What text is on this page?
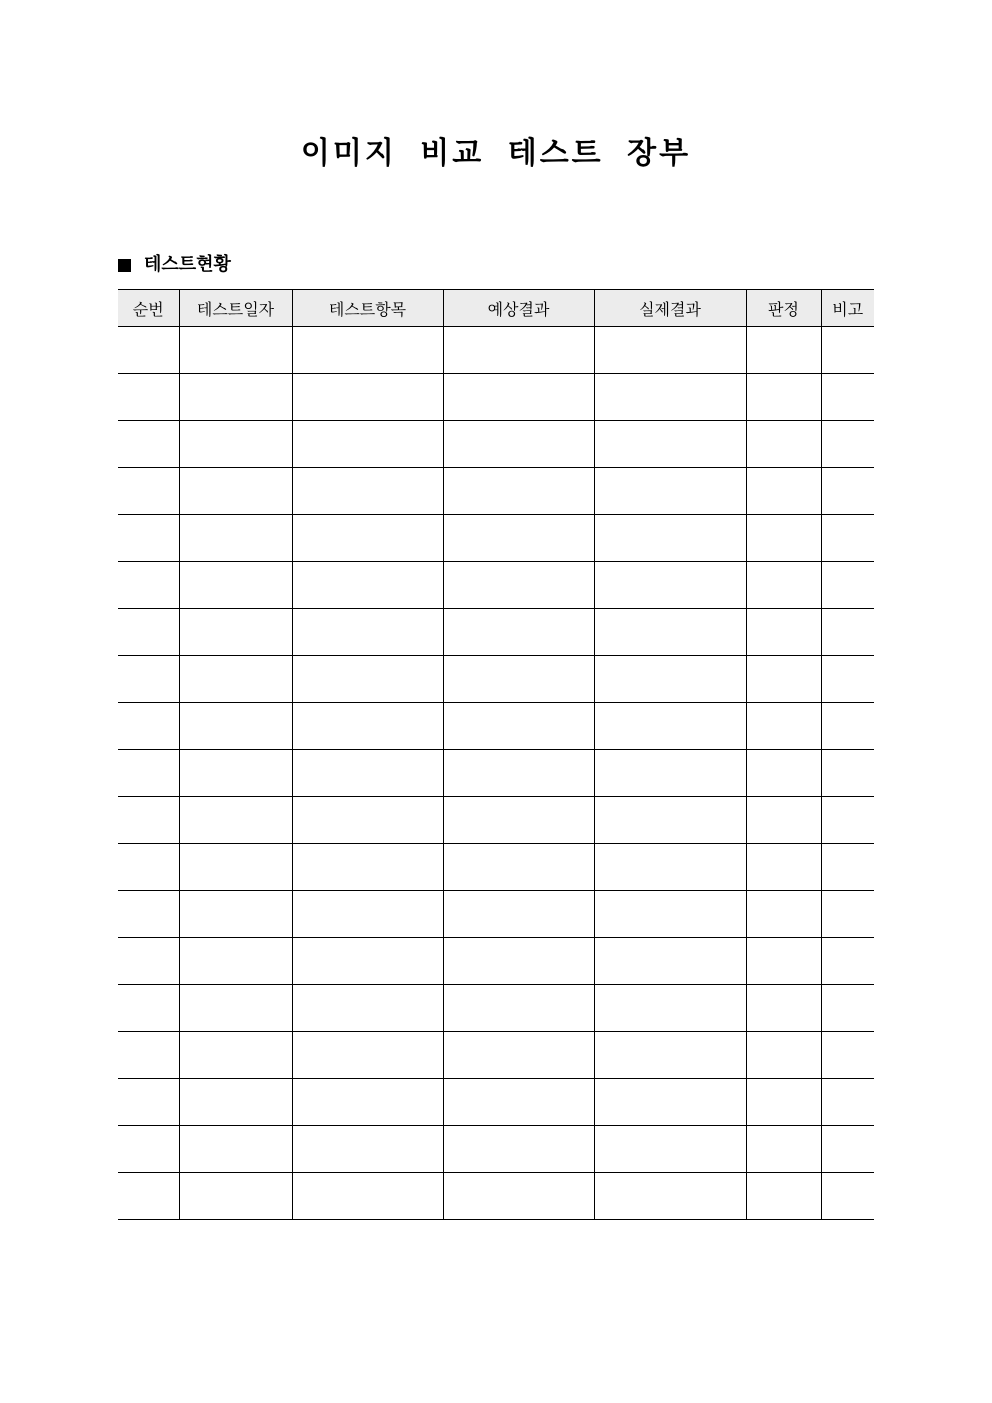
이미지 비교 테스트 장부
테스트현황
순번	테스트일자	테스트항목	예상결과	실제결과	판정	비고
